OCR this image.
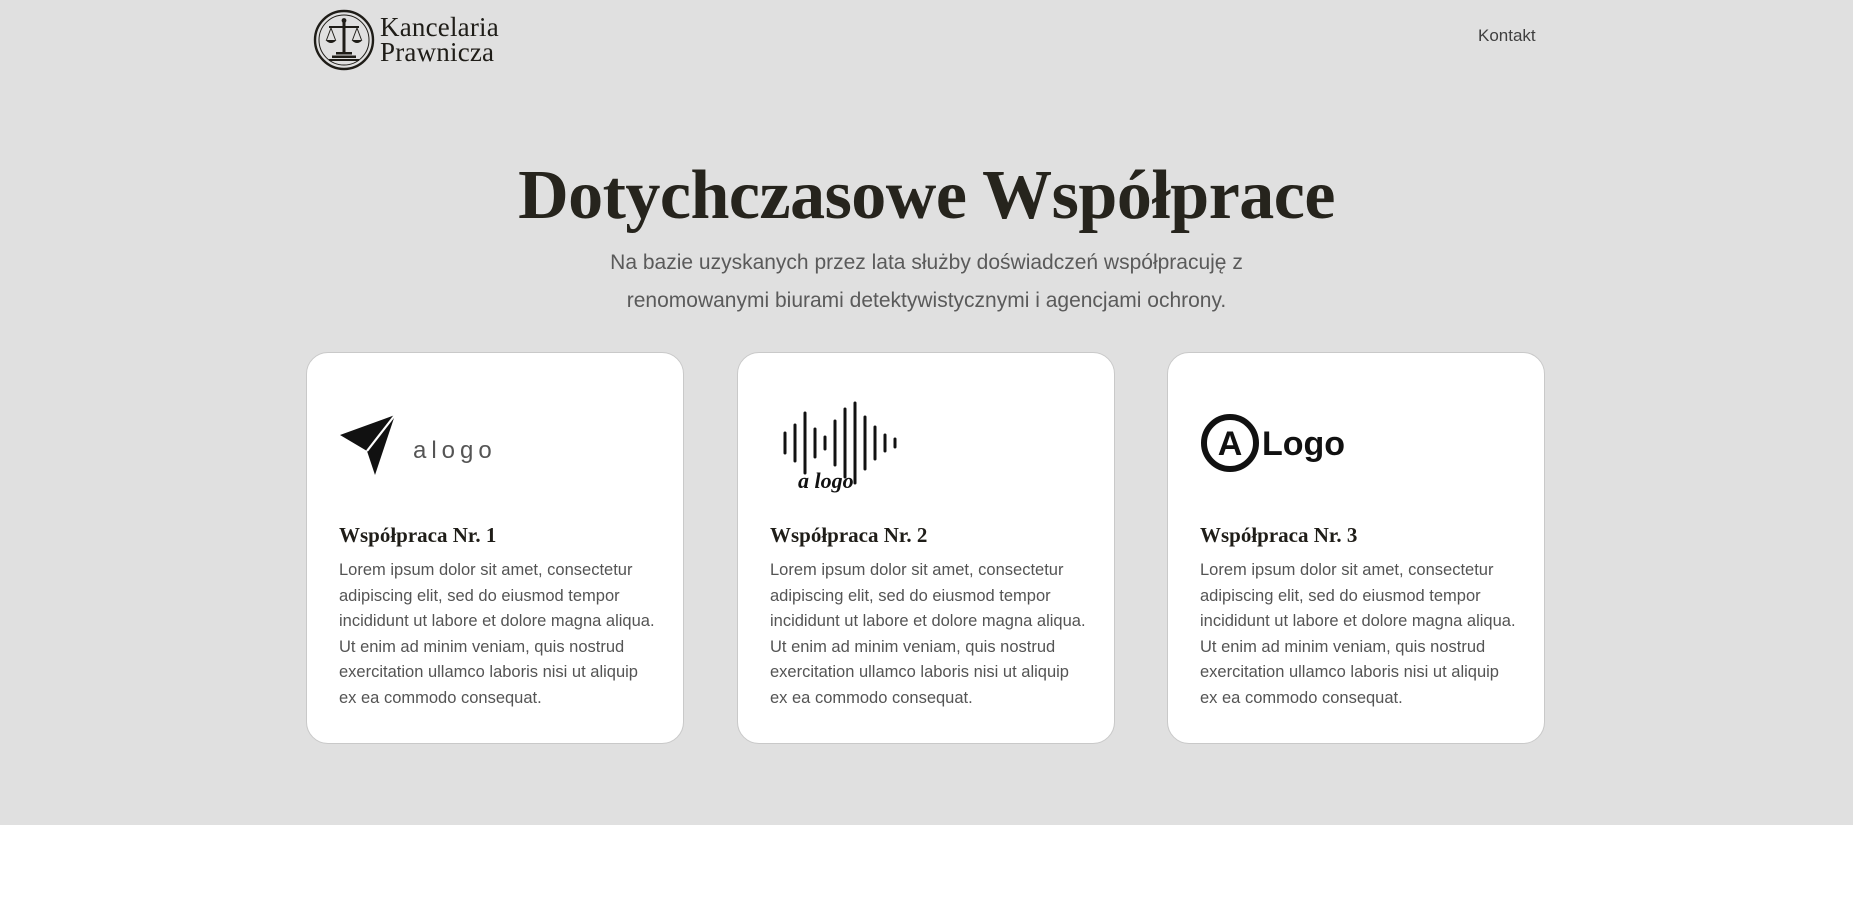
Kancelaria
Prawnicza
Kontakt
Dotychczasowe Współprace

Na bazie uzyskanych przez lata służby doświadczeń współpracuję z renomowanymi biurami detektywistycznymi i agencjami ochrony.

alogo
Współpraca Nr. 1

Lorem ipsum dolor sit amet, consectetur adipiscing elit, sed do eiusmod tempor incididunt ut labore et dolore magna aliqua. Ut enim ad minim veniam, quis nostrud exercitation ullamco laboris nisi ut aliquip ex ea commodo consequat.

a logo
Współpraca Nr. 2

Lorem ipsum dolor sit amet, consectetur adipiscing elit, sed do eiusmod tempor incididunt ut labore et dolore magna aliqua. Ut enim ad minim veniam, quis nostrud exercitation ullamco laboris nisi ut aliquip ex ea commodo consequat.

A Logo
Współpraca Nr. 3

Lorem ipsum dolor sit amet, consectetur adipiscing elit, sed do eiusmod tempor incididunt ut labore et dolore magna aliqua. Ut enim ad minim veniam, quis nostrud exercitation ullamco laboris nisi ut aliquip ex ea commodo consequat.
